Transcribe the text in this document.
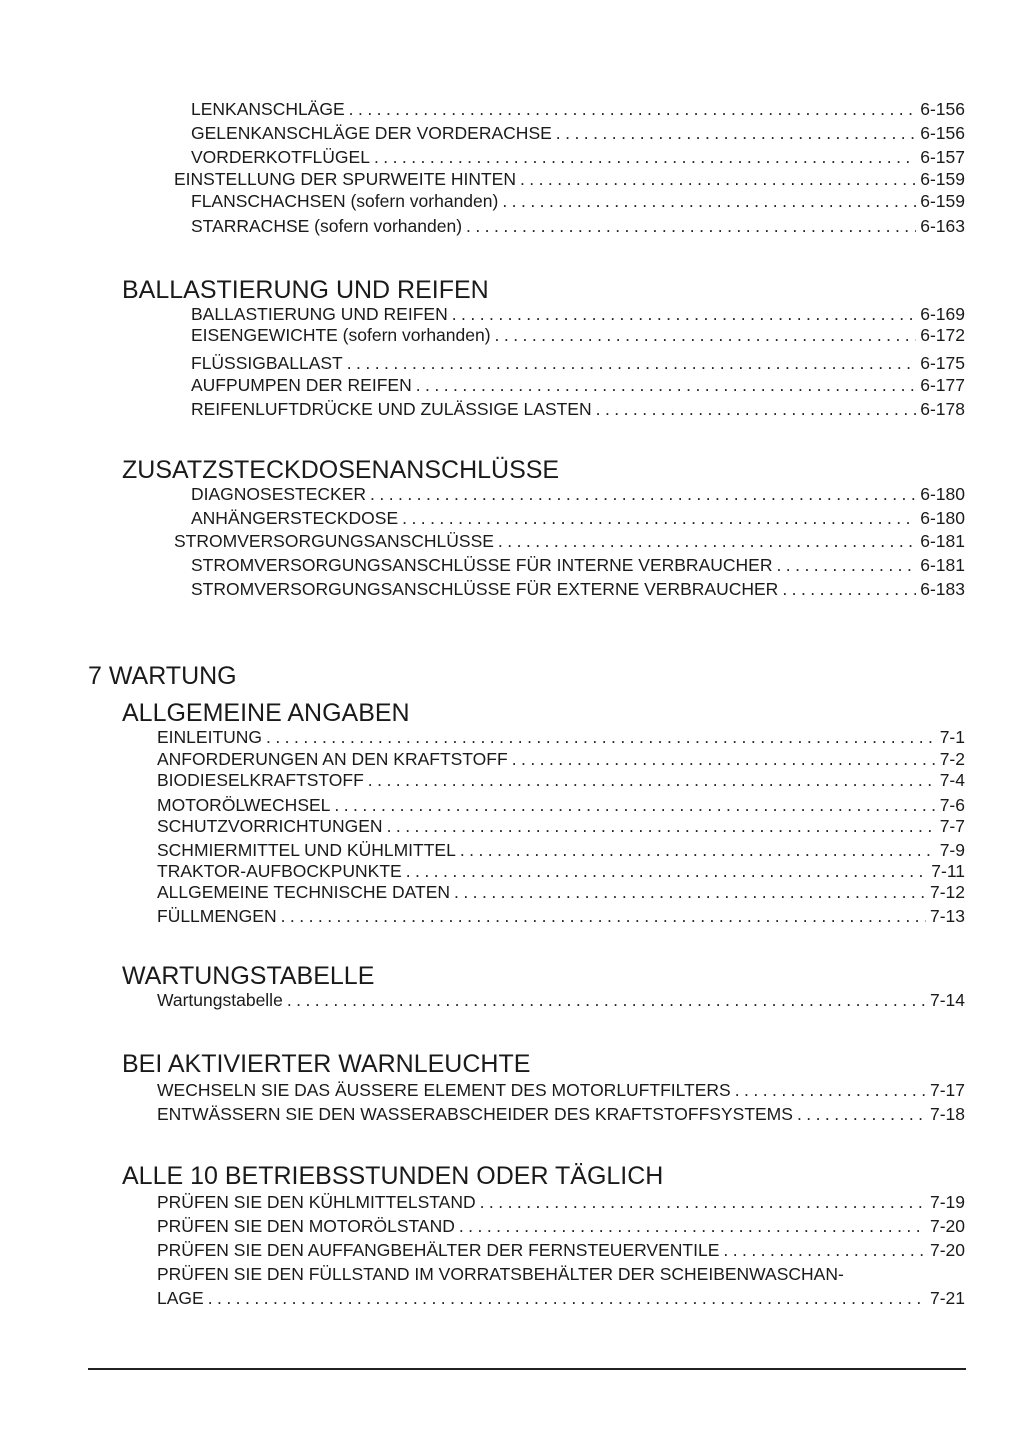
LENKANSCHLÄGE . . .	6-156
GELENKANSCHLÄGE DER VORDERACHSE . . .	6-156
VORDERKOTFLÜGEL . . .	6-157
EINSTELLUNG DER SPURWEITE HINTEN . . .	6-159
FLANSCHACHSEN (sofern vorhanden) . . .	6-159
STARRACHSE (sofern vorhanden) . . .	6-163
BALLASTIERUNG UND REIFEN
BALLASTIERUNG UND REIFEN . . .	6-169
EISENGEWICHTE (sofern vorhanden) . . .	6-172
FLÜSSIGBALLAST . . .	6-175
AUFPUMPEN DER REIFEN . . .	6-177
REIFENLUFTDRÜCKE UND ZULÄSSIGE LASTEN . . .	6-178
ZUSATZSTECKDOSENANSCHLÜSSE
DIAGNOSESTECKER . . .	6-180
ANHÄNGERSTECKDOSE . . .	6-180
STROMVERSORGUNGSANSCHLÜSSE . . .	6-181
STROMVERSORGUNGSANSCHLÜSSE FÜR INTERNE VERBRAUCHER . . .	6-181
STROMVERSORGUNGSANSCHLÜSSE FÜR EXTERNE VERBRAUCHER . . .	6-183
7 WARTUNG
ALLGEMEINE ANGABEN
EINLEITUNG . . .	7-1
ANFORDERUNGEN AN DEN KRAFTSTOFF . . .	7-2
BIODIESELKRAFTSTOFF . . .	7-4
MOTORÖLWECHSEL . . .	7-6
SCHUTZVORRICHTUNGEN . . .	7-7
SCHMIERMITTEL UND KÜHLMITTEL . . .	7-9
TRAKTOR-AUFBOCKPUNKTE . . .	7-11
ALLGEMEINE TECHNISCHE DATEN . . .	7-12
FÜLLMENGEN . . .	7-13
WARTUNGSTABELLE
Wartungstabelle . . .	7-14
BEI AKTIVIERTER WARNLEUCHTE
WECHSELN SIE DAS ÄUSSERE ELEMENT DES MOTORLUFTFILTERS . . .	7-17
ENTWÄSSERN SIE DEN WASSERABSCHEIDER DES KRAFTSTOFFSYSTEMS . . .	7-18
ALLE 10 BETRIEBSSTUNDEN ODER TÄGLICH
PRÜFEN SIE DEN KÜHLMITTELSTAND . . .	7-19
PRÜFEN SIE DEN MOTORÖLSTAND . . .	7-20
PRÜFEN SIE DEN AUFFANGBEHÄLTER DER FERNSTEUERVENTILE . . .	7-20
PRÜFEN SIE DEN FÜLLSTAND IM VORRATSBEHÄLTER DER SCHEIBENWASCHAN-
LAGE . . .	7-21
